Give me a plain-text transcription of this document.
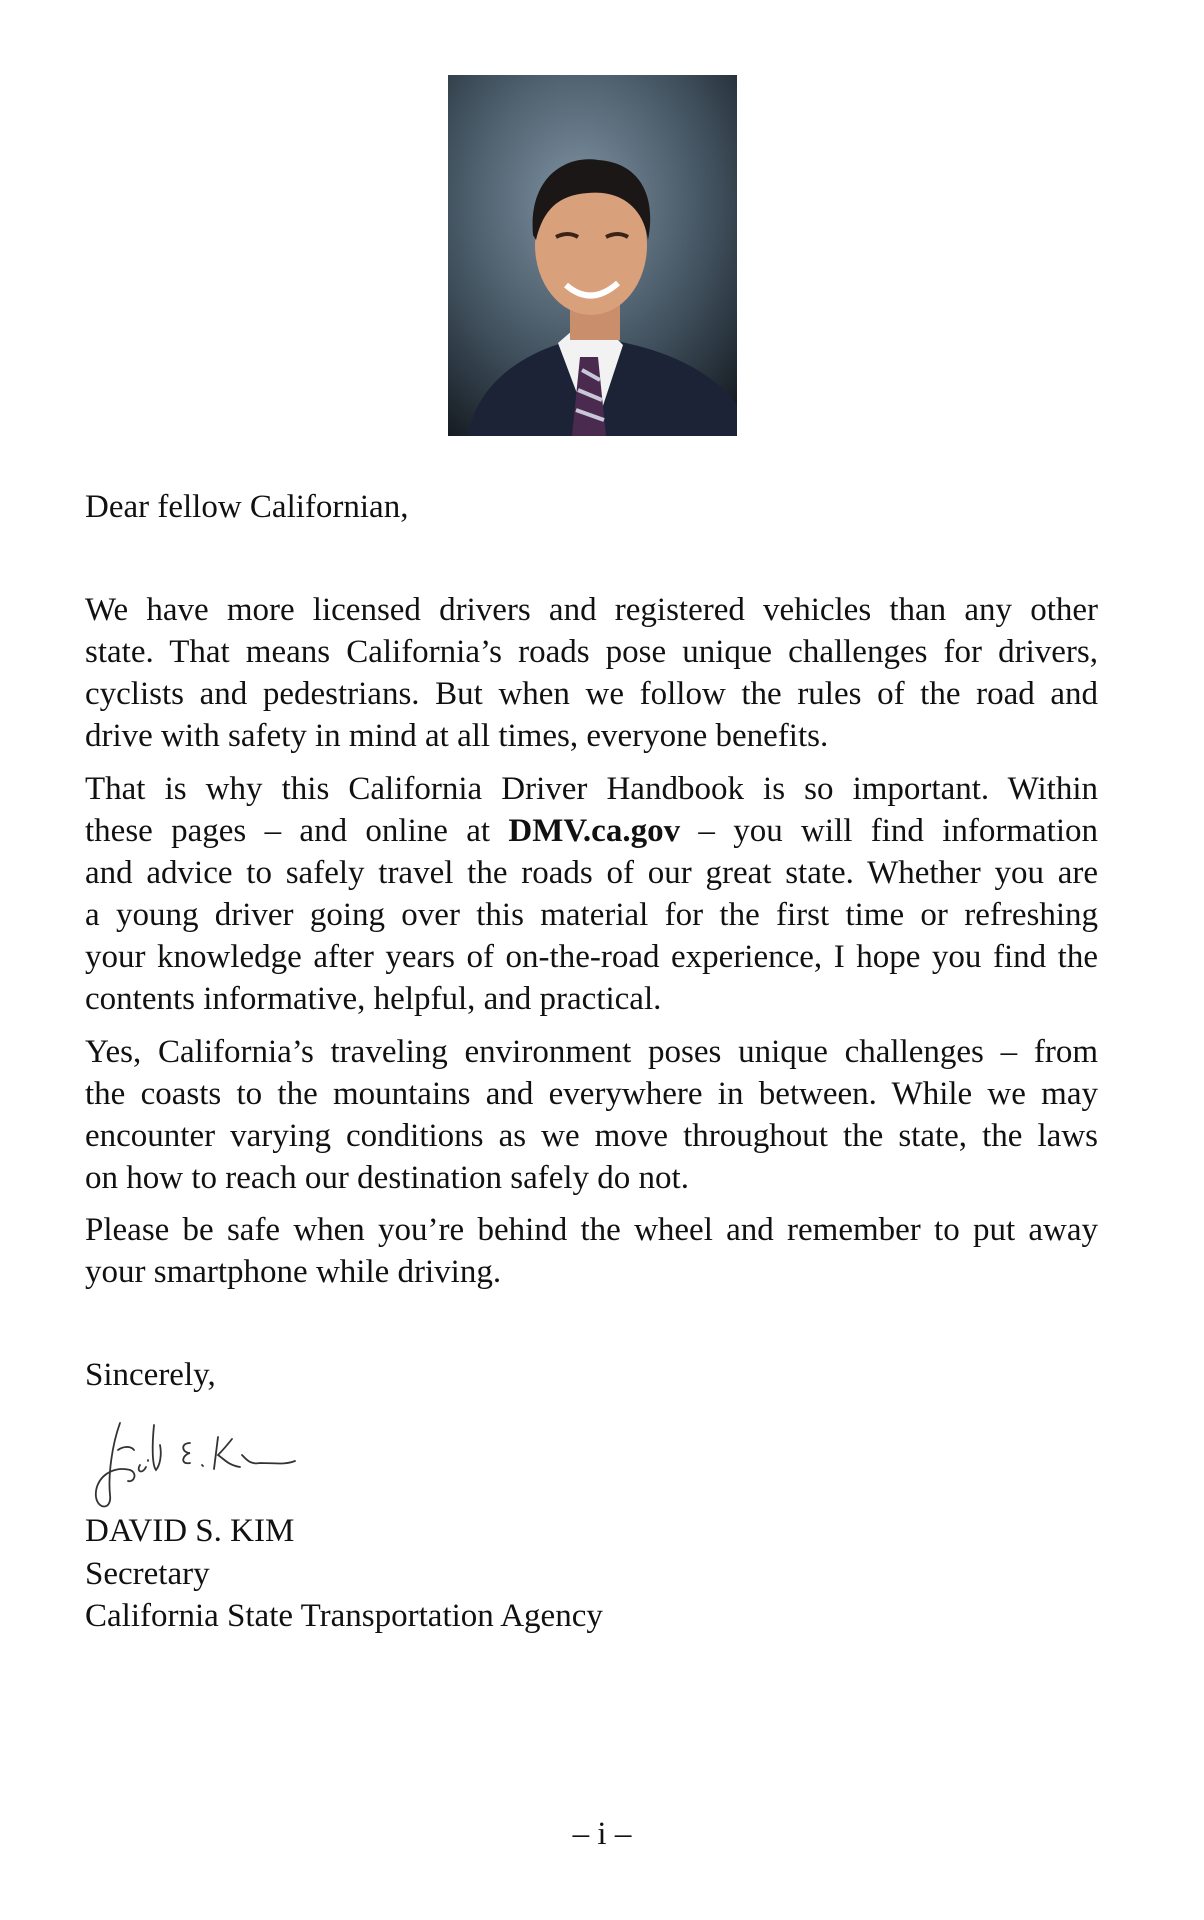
Dear fellow Californian,
We have more licensed drivers and registered vehicles than any other
state. That means California’s roads pose unique challenges for drivers,
cyclists and pedestrians. But when we follow the rules of the road and
drive with safety in mind at all times, everyone benefits.
That is why this California Driver Handbook is so important. Within
these pages – and online at DMV.ca.gov – you will find information
and advice to safely travel the roads of our great state. Whether you are
a young driver going over this material for the first time or refreshing
your knowledge after years of on-the-road experience, I hope you find the
contents informative, helpful, and practical.
Yes, California’s traveling environment poses unique challenges – from
the coasts to the mountains and everywhere in between. While we may
encounter varying conditions as we move throughout the state, the laws
on how to reach our destination safely do not.
Please be safe when you’re behind the wheel and remember to put away
your smartphone while driving.
Sincerely,
DAVID S. KIM
Secretary
California State Transportation Agency
– i –
